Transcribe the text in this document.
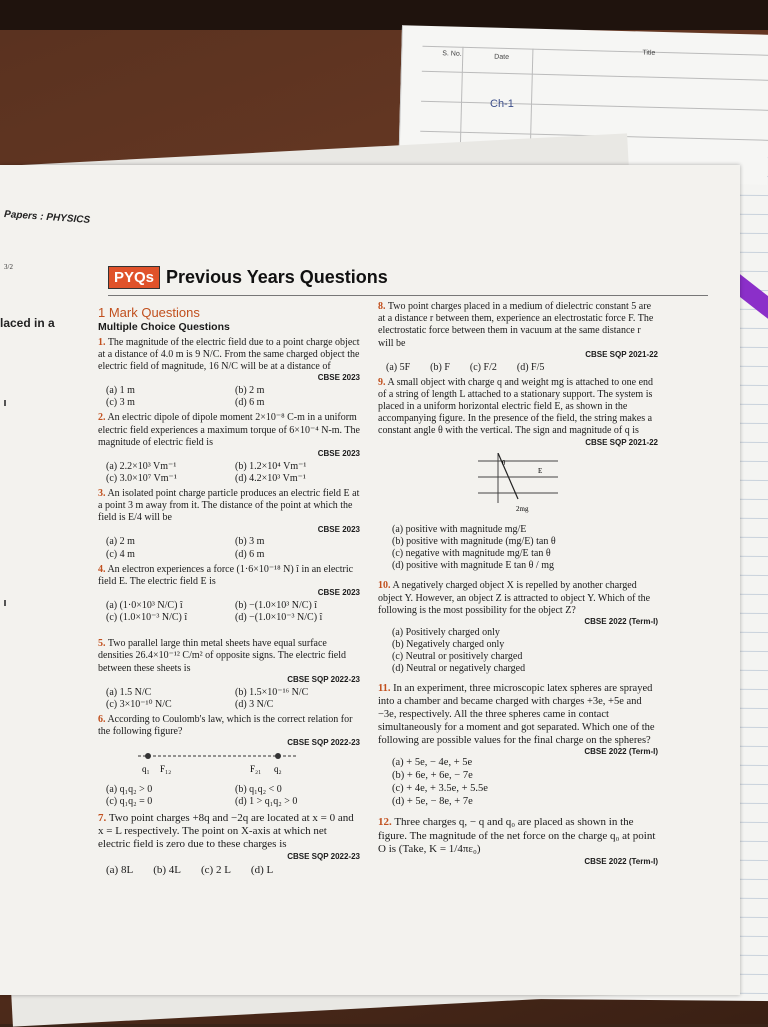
S. No.	Date
Title
Ch-1
Papers : PHYSICS
3/2
laced in a
PYQs Previous Years Questions

1 Mark Questions

Multiple Choice Questions

1. The magnitude of the electric field due to a point charge object at a distance of 4.0 m is 9 N/C. From the same charged object the electric field of magnitude, 16 N/C will be at a distance of

CBSE 2023

(a) 1 m	(b) 2 m
(c) 3 m	(d) 6 m

2. An electric dipole of dipole moment 2×10⁻⁸ C-m in a uniform electric field experiences a maximum torque of 6×10⁻⁴ N-m. The magnitude of electric field is

CBSE 2023

(a) 2.2×10³ Vm⁻¹	(b) 1.2×10⁴ Vm⁻¹
(c) 3.0×10⁷ Vm⁻¹	(d) 4.2×10³ Vm⁻¹

3. An isolated point charge particle produces an electric field E at a point 3 m away from it. The distance of the point at which the field is E/4 will be

CBSE 2023

(a) 2 m	(b) 3 m
(c) 4 m	(d) 6 m

4. An electron experiences a force (1·6×10⁻¹⁸ N) î in an electric field E. The electric field E is

CBSE 2023

(a) (1·0×10³ N/C) î	(b) −(1.0×10³ N/C) î
(c) (1.0×10⁻³ N/C) î	(d) −(1.0×10⁻³ N/C) î

5. Two parallel large thin metal sheets have equal surface densities 26.4×10⁻¹² C/m² of opposite signs. The electric field between these sheets is

CBSE SQP 2022-23

(a) 1.5 N/C	(b) 1.5×10⁻¹⁶ N/C
(c) 3×10⁻¹⁰ N/C	(d) 3 N/C

6. According to Coulomb's law, which is the correct relation for the following figure?

CBSE SQP 2022-23

q₁ F₁₂	F₂₁ q₂
(a) q₁q₂ > 0	(b) q₁q₂ < 0
(c) q₁q₂ = 0	(d) 1 > q₁q₂ > 0

7. Two point charges +8q and −2q are located at x = 0 and x = L respectively. The point on X-axis at which net electric field is zero due to these charges is

CBSE SQP 2022-23

(a) 8L (b) 4L (c) 2 L (d) L

8. Two point charges placed in a medium of dielectric constant 5 are at a distance r between them, experience an electrostatic force F. The electrostatic force between them in vacuum at the same distance r will be

CBSE SQP 2021-22

(a) 5F (b) F (c) F/2 (d) F/5

9. A small object with charge q and weight mg is attached to one end of a string of length L attached to a stationary support. The system is placed in a uniform horizontal electric field E, as shown in the accompanying figure. In the presence of the field, the string makes a constant angle θ with the vertical. The sign and magnitude of q is

CBSE SQP 2021-22

θ
E
2mg

(a) positive with magnitude mg/E

(b) positive with magnitude (mg/E) tan θ

(c) negative with magnitude mg/E tan θ

(d) positive with magnitude E tan θ / mg

10. A negatively charged object X is repelled by another charged object Y. However, an object Z is attracted to object Y. Which of the following is the most possibility for the object Z?

CBSE 2022 (Term-I)

(a) Positively charged only

(b) Negatively charged only

(c) Neutral or positively charged

(d) Neutral or negatively charged

11. In an experiment, three microscopic latex spheres are sprayed into a chamber and became charged with charges +3e, +5e and −3e, respectively. All the three spheres came in contact simultaneously for a moment and got separated. Which one of the following are possible values for the final charge on the spheres?

CBSE 2022 (Term-I)

(a) + 5e, − 4e, + 5e

(b) + 6e, + 6e, − 7e

(c) + 4e, + 3.5e, + 5.5e

(d) + 5e, − 8e, + 7e

12. Three charges q, − q and q₀ are placed as shown in the figure. The magnitude of the net force on the charge q₀ at point O is (Take, K = 1/4πε₀)

CBSE 2022 (Term-I)
